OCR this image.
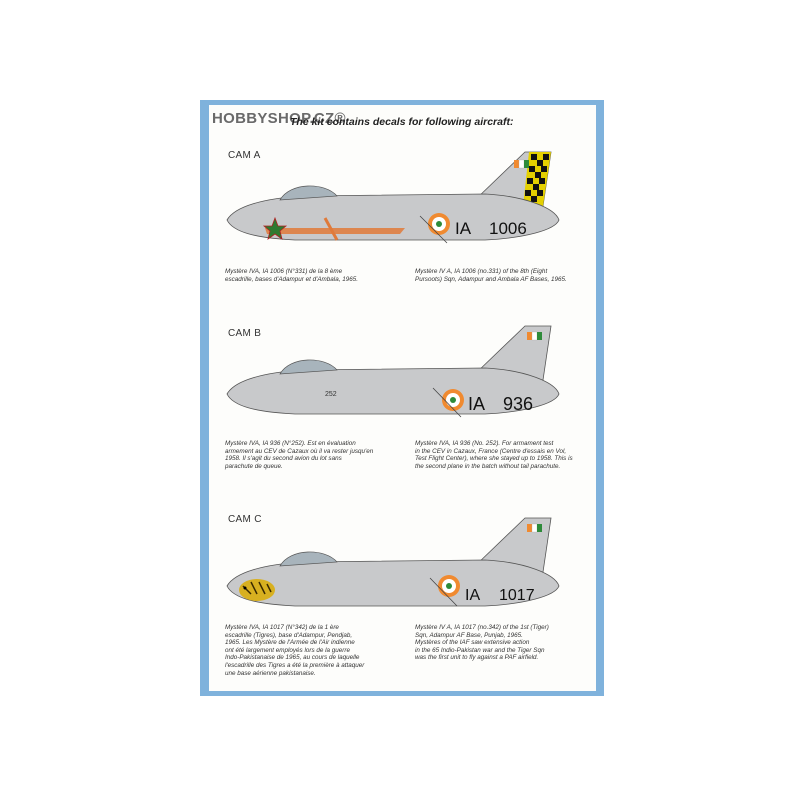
HOBBYSHOP.CZ®
The kit contains decals for following aircraft:
CAM A
IA 1006
Mystère IVA, IA 1006 (N°331) de la 8 ème
escadrille, bases d'Adampur et d'Ambala, 1965.
Mystère IV A, IA 1006 (no.331) of the 8th (Eight
Pursoots) Sqn, Adampur and Ambala AF Bases, 1965.
CAM B
252	IA 936
Mystère IVA, IA 936 (N°252). Est en évaluation
armement au CEV de Cazaux où il va rester jusqu'en
1958. Il s'agit du second avion du lot sans
parachute de queue.
Mystère IVA, IA 936 (No. 252). For armament test
in the CEV in Cazaux, France (Centre d'essais en Vol,
Test Flight Center), where she stayed up to 1958. This is
the second plane in the batch without tail parachute.
CAM C
IA 1017
Mystère IVA, IA 1017 (N°342) de la 1 ère
escadrille (Tigres), base d'Adampur, Pendjab,
1965. Les Mystère de l'Armée de l'Air indienne
ont été largement employés lors de la guerre
Indo-Pakistanaise de 1965, au cours de laquelle
l'escadrille des Tigres a été la première à attaquer
une base aérienne pakistanaise.
Mystère IV A, IA 1017 (no.342) of the 1st (Tiger)
Sqn, Adampur AF Base, Punjab, 1965.
Mystères of the IAF saw extensive action
in the 65 Indio-Pakistan war and the Tiger Sqn
was the first unit to fly against a PAF airfield.
